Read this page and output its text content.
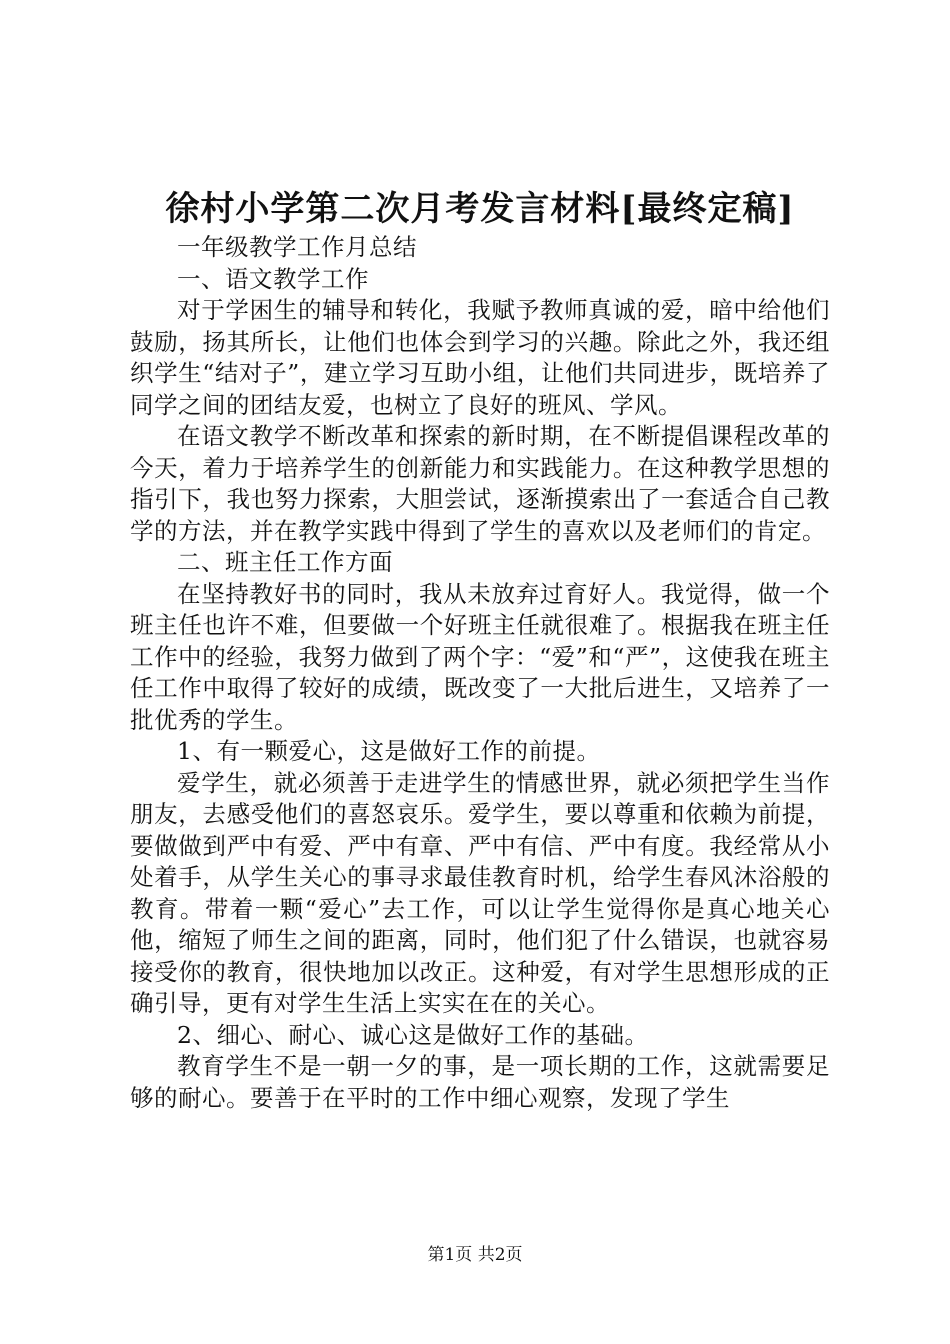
徐村小学第二次月考发言材料[最终定稿]

一年级教学工作月总结

一、语文教学工作

对于学困生的辅导和转化，我赋予教师真诚的爱，暗中给他们鼓励，扬其所长，让他们也体会到学习的兴趣。除此之外，我还组织学生“结对子”，建立学习互助小组，让他们共同进步，既培养了同学之间的团结友爱，也树立了良好的班风、学风。

在语文教学不断改革和探索的新时期，在不断提倡课程改革的今天，着力于培养学生的创新能力和实践能力。在这种教学思想的指引下，我也努力探索，大胆尝试，逐渐摸索出了一套适合自己教学的方法，并在教学实践中得到了学生的喜欢以及老师们的肯定。

二、班主任工作方面

在坚持教好书的同时，我从未放弃过育好人。我觉得，做一个班主任也许不难，但要做一个好班主任就很难了。根据我在班主任工作中的经验，我努力做到了两个字：“爱”和“严”，这使我在班主任工作中取得了较好的成绩，既改变了一大批后进生，又培养了一批优秀的学生。

1、有一颗爱心，这是做好工作的前提。

爱学生，就必须善于走进学生的情感世界，就必须把学生当作朋友，去感受他们的喜怒哀乐。爱学生，要以尊重和依赖为前提，要做做到严中有爱、严中有章、严中有信、严中有度。我经常从小处着手，从学生关心的事寻求最佳教育时机，给学生春风沐浴般的教育。带着一颗“爱心”去工作，可以让学生觉得你是真心地关心他，缩短了师生之间的距离，同时，他们犯了什么错误，也就容易接受你的教育，很快地加以改正。这种爱，有对学生思想形成的正确引导，更有对学生生活上实实在在的关心。

2、细心、耐心、诚心这是做好工作的基础。

教育学生不是一朝一夕的事，是一项长期的工作，这就需要足够的耐心。要善于在平时的工作中细心观察，发现了学生

第1页 共2页
